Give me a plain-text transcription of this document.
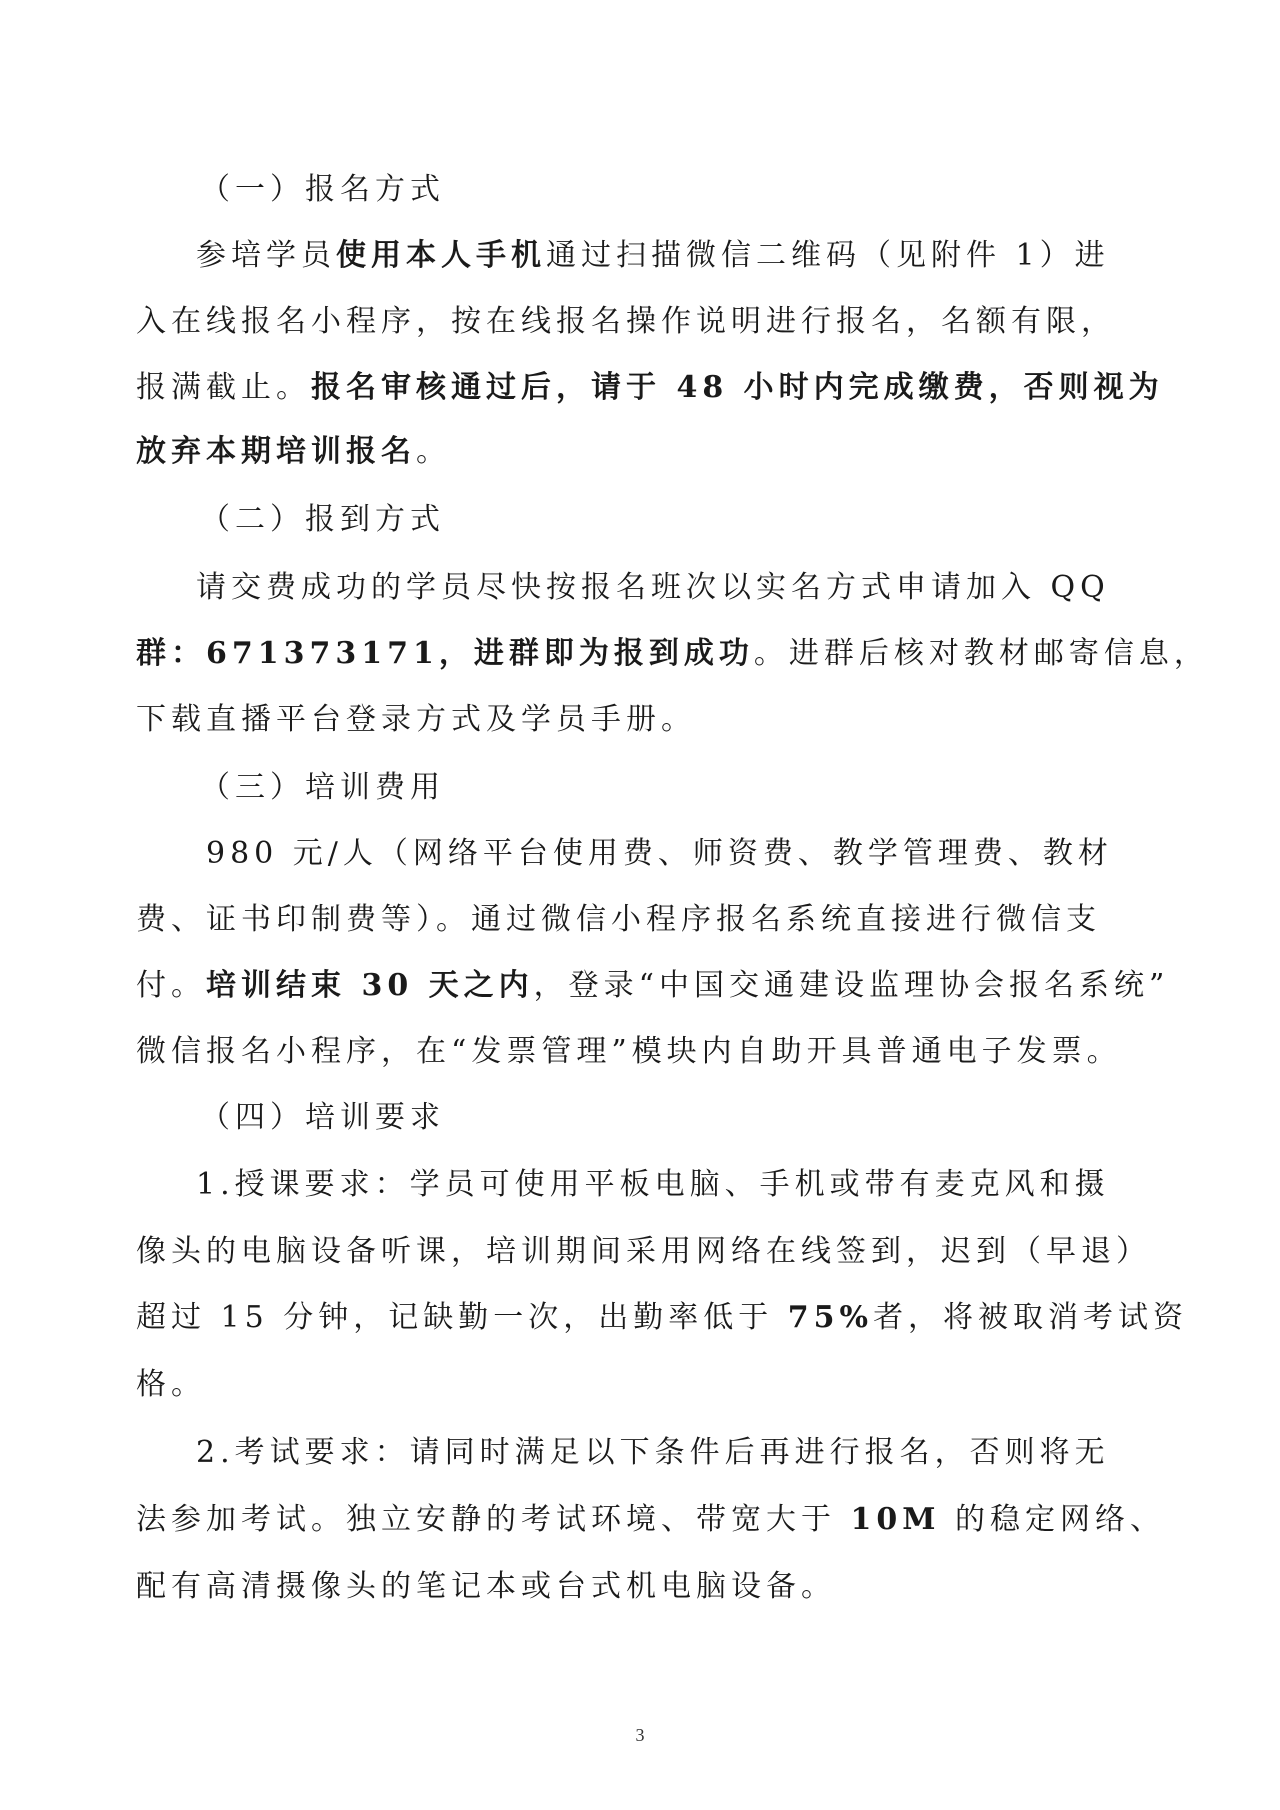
（一）报名方式
参培学员使用本人手机通过扫描微信二维码（见附件 1）进
入在线报名小程序，按在线报名操作说明进行报名，名额有限，
报满截止。报名审核通过后，请于 48 小时内完成缴费，否则视为
放弃本期培训报名。
（二）报到方式
请交费成功的学员尽快按报名班次以实名方式申请加入 QQ
群：671373171，进群即为报到成功。进群后核对教材邮寄信息，
下载直播平台登录方式及学员手册。
（三）培训费用
980 元/人（网络平台使用费、师资费、教学管理费、教材
费、证书印制费等）。通过微信小程序报名系统直接进行微信支
付。培训结束 30 天之内，登录“中国交通建设监理协会报名系统”
微信报名小程序，在“发票管理”模块内自助开具普通电子发票。
（四）培训要求
1.授课要求：学员可使用平板电脑、手机或带有麦克风和摄
像头的电脑设备听课，培训期间采用网络在线签到，迟到（早退）
超过 15 分钟，记缺勤一次，出勤率低于 75%者，将被取消考试资
格。
2.考试要求：请同时满足以下条件后再进行报名，否则将无
法参加考试。独立安静的考试环境、带宽大于 10M 的稳定网络、
配有高清摄像头的笔记本或台式机电脑设备。
3
